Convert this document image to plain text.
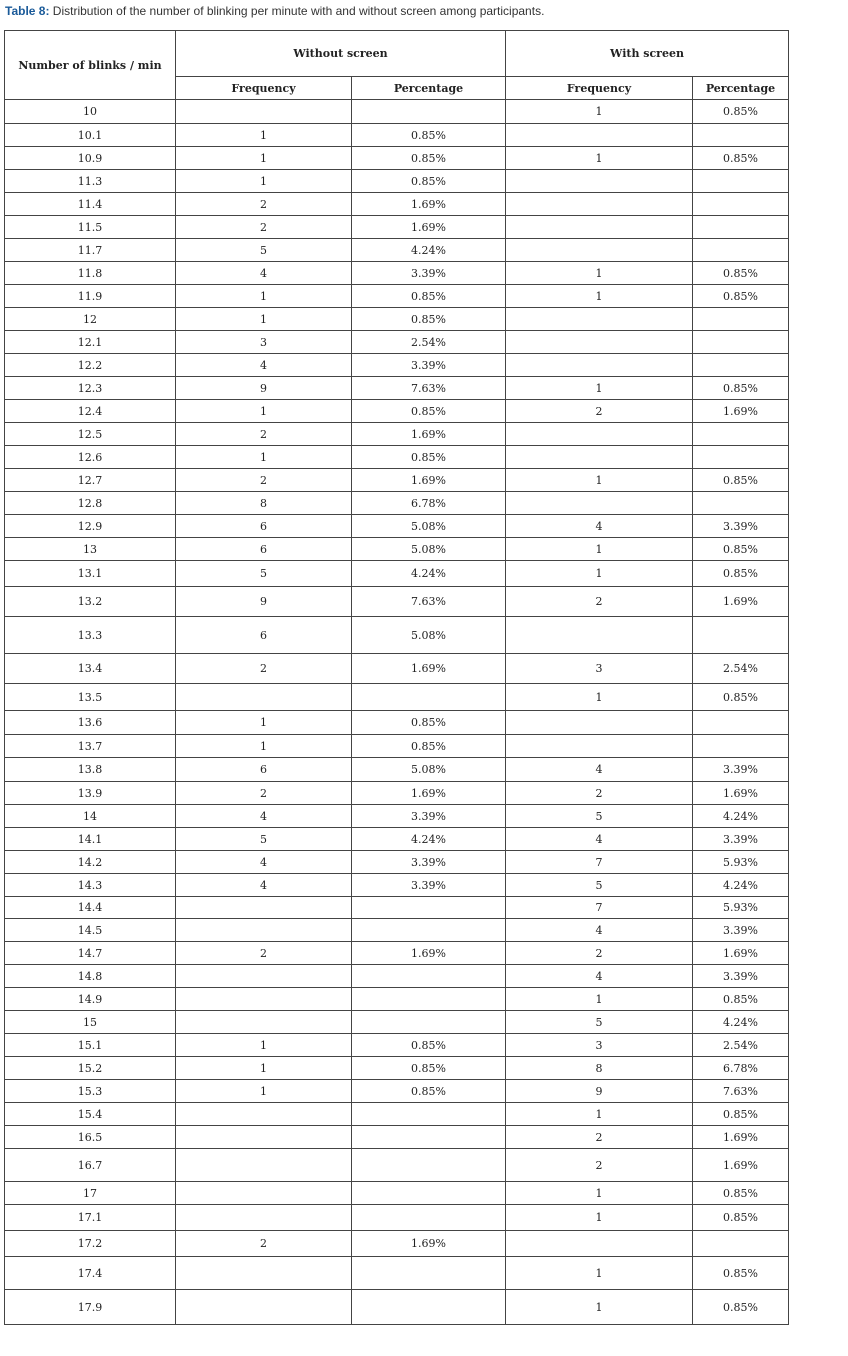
Table 8: Distribution of the number of blinking per minute with and without screen among participants.
Number of blinks / min	Without screen		With screen	
	Frequency	Percentage	Frequency	Percentage
10			1	0.85%
10.1	1	0.85%		
10.9	1	0.85%	1	0.85%
11.3	1	0.85%		
11.4	2	1.69%		
11.5	2	1.69%		
11.7	5	4.24%		
11.8	4	3.39%	1	0.85%
11.9	1	0.85%	1	0.85%
12	1	0.85%		
12.1	3	2.54%		
12.2	4	3.39%		
12.3	9	7.63%	1	0.85%
12.4	1	0.85%	2	1.69%
12.5	2	1.69%		
12.6	1	0.85%		
12.7	2	1.69%	1	0.85%
12.8	8	6.78%		
12.9	6	5.08%	4	3.39%
13	6	5.08%	1	0.85%
13.1	5	4.24%	1	0.85%
13.2	9	7.63%	2	1.69%
13.3	6	5.08%		
13.4	2	1.69%	3	2.54%
13.5			1	0.85%
13.6	1	0.85%		
13.7	1	0.85%		
13.8	6	5.08%	4	3.39%
13.9	2	1.69%	2	1.69%
14	4	3.39%	5	4.24%
14.1	5	4.24%	4	3.39%
14.2	4	3.39%	7	5.93%
14.3	4	3.39%	5	4.24%
14.4			7	5.93%
14.5			4	3.39%
14.7	2	1.69%	2	1.69%
14.8			4	3.39%
14.9			1	0.85%
15			5	4.24%
15.1	1	0.85%	3	2.54%
15.2	1	0.85%	8	6.78%
15.3	1	0.85%	9	7.63%
15.4			1	0.85%
16.5			2	1.69%
16.7			2	1.69%
17			1	0.85%
17.1			1	0.85%
17.2	2	1.69%		
17.4			1	0.85%
17.9			1	0.85%
